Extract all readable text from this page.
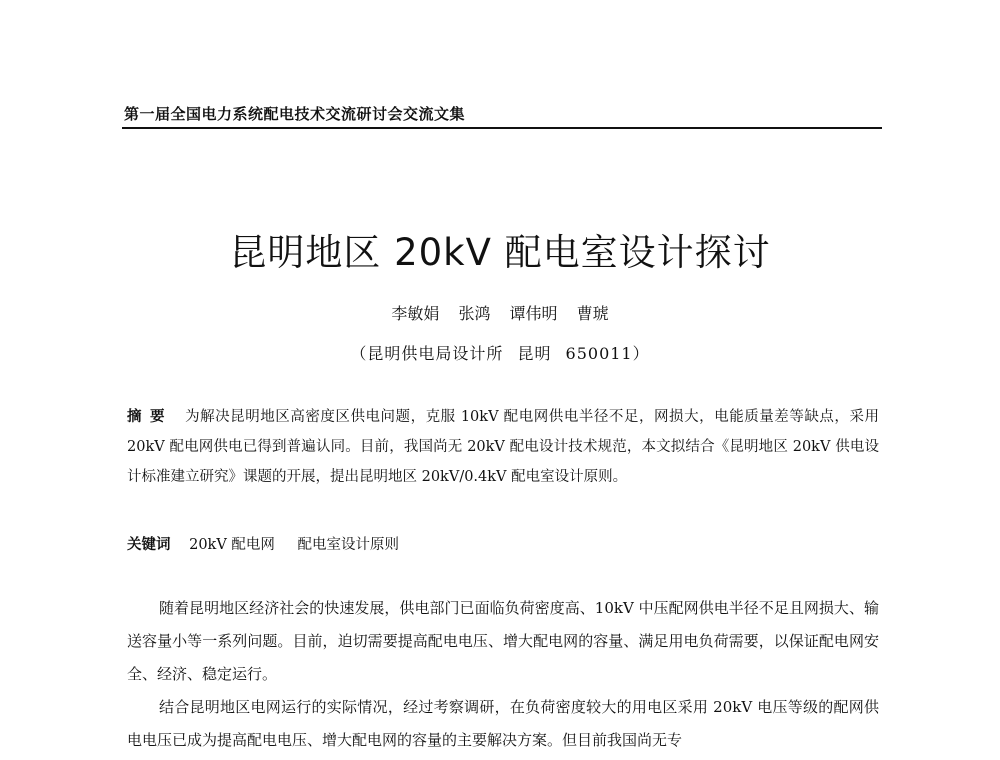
第一届全国电力系统配电技术交流研讨会交流文集
昆明地区 20kV 配电室设计探讨
李敏娟 张鸿 谭伟明 曹琥
（昆明供电局设计所 昆明 650011）
摘要 为解决昆明地区高密度区供电问题，克服 10kV 配电网供电半径不足，网损大，电能质量差等缺点，采用 20kV 配电网供电已得到普遍认同。目前，我国尚无 20kV 配电设计技术规范，本文拟结合《昆明地区 20kV 供电设计标准建立研究》课题的开展，提出昆明地区 20kV/0.4kV 配电室设计原则。
关键词 20kV 配电网 配电室设计原则

随着昆明地区经济社会的快速发展，供电部门已面临负荷密度高、10kV 中压配网供电半径不足且网损大、输送容量小等一系列问题。目前，迫切需要提高配电电压、增大配电网的容量、满足用电负荷需要，以保证配电网安全、经济、稳定运行。

结合昆明地区电网运行的实际情况，经过考察调研，在负荷密度较大的用电区采用 20kV 电压等级的配网供电电压已成为提高配电电压、增大配电网的容量的主要解决方案。但目前我国尚无专
